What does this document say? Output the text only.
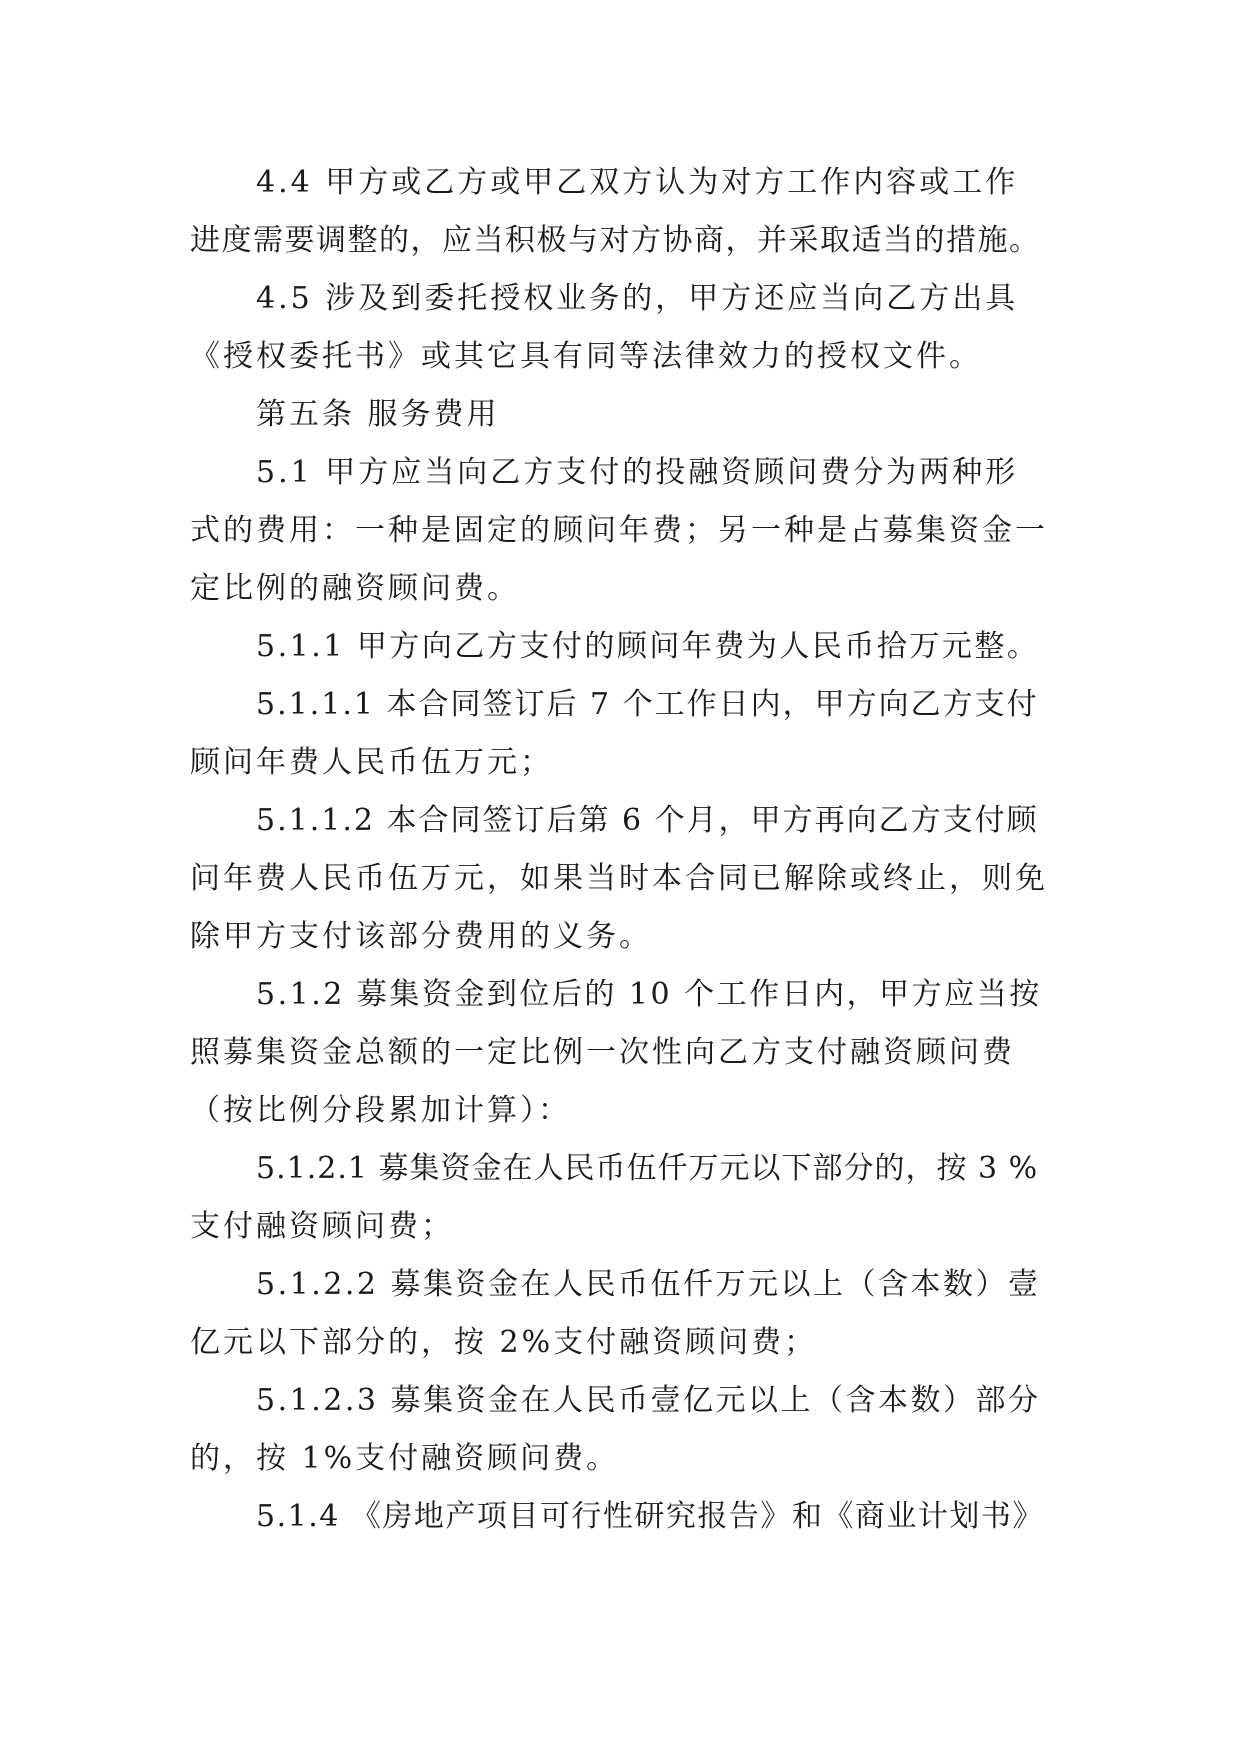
4.4 甲方或乙方或甲乙双方认为对方工作内容或工作
进度需要调整的，应当积极与对方协商，并采取适当的措施。
4.5 涉及到委托授权业务的，甲方还应当向乙方出具
《授权委托书》或其它具有同等法律效力的授权文件。
第五条 服务费用
5.1 甲方应当向乙方支付的投融资顾问费分为两种形
式的费用：一种是固定的顾问年费；另一种是占募集资金一
定比例的融资顾问费。
5.1.1 甲方向乙方支付的顾问年费为人民币拾万元整。
5.1.1.1 本合同签订后 7 个工作日内，甲方向乙方支付
顾问年费人民币伍万元；
5.1.1.2 本合同签订后第 6 个月，甲方再向乙方支付顾
问年费人民币伍万元，如果当时本合同已解除或终止，则免
除甲方支付该部分费用的义务。
5.1.2 募集资金到位后的 10 个工作日内，甲方应当按
照募集资金总额的一定比例一次性向乙方支付融资顾问费
（按比例分段累加计算）：
5.1.2.1 募集资金在人民币伍仟万元以下部分的，按 3 %
支付融资顾问费；
5.1.2.2 募集资金在人民币伍仟万元以上（含本数）壹
亿元以下部分的，按 2%支付融资顾问费；
5.1.2.3 募集资金在人民币壹亿元以上（含本数）部分
的，按 1%支付融资顾问费。
5.1.4 《房地产项目可行性研究报告》和《商业计划书》
